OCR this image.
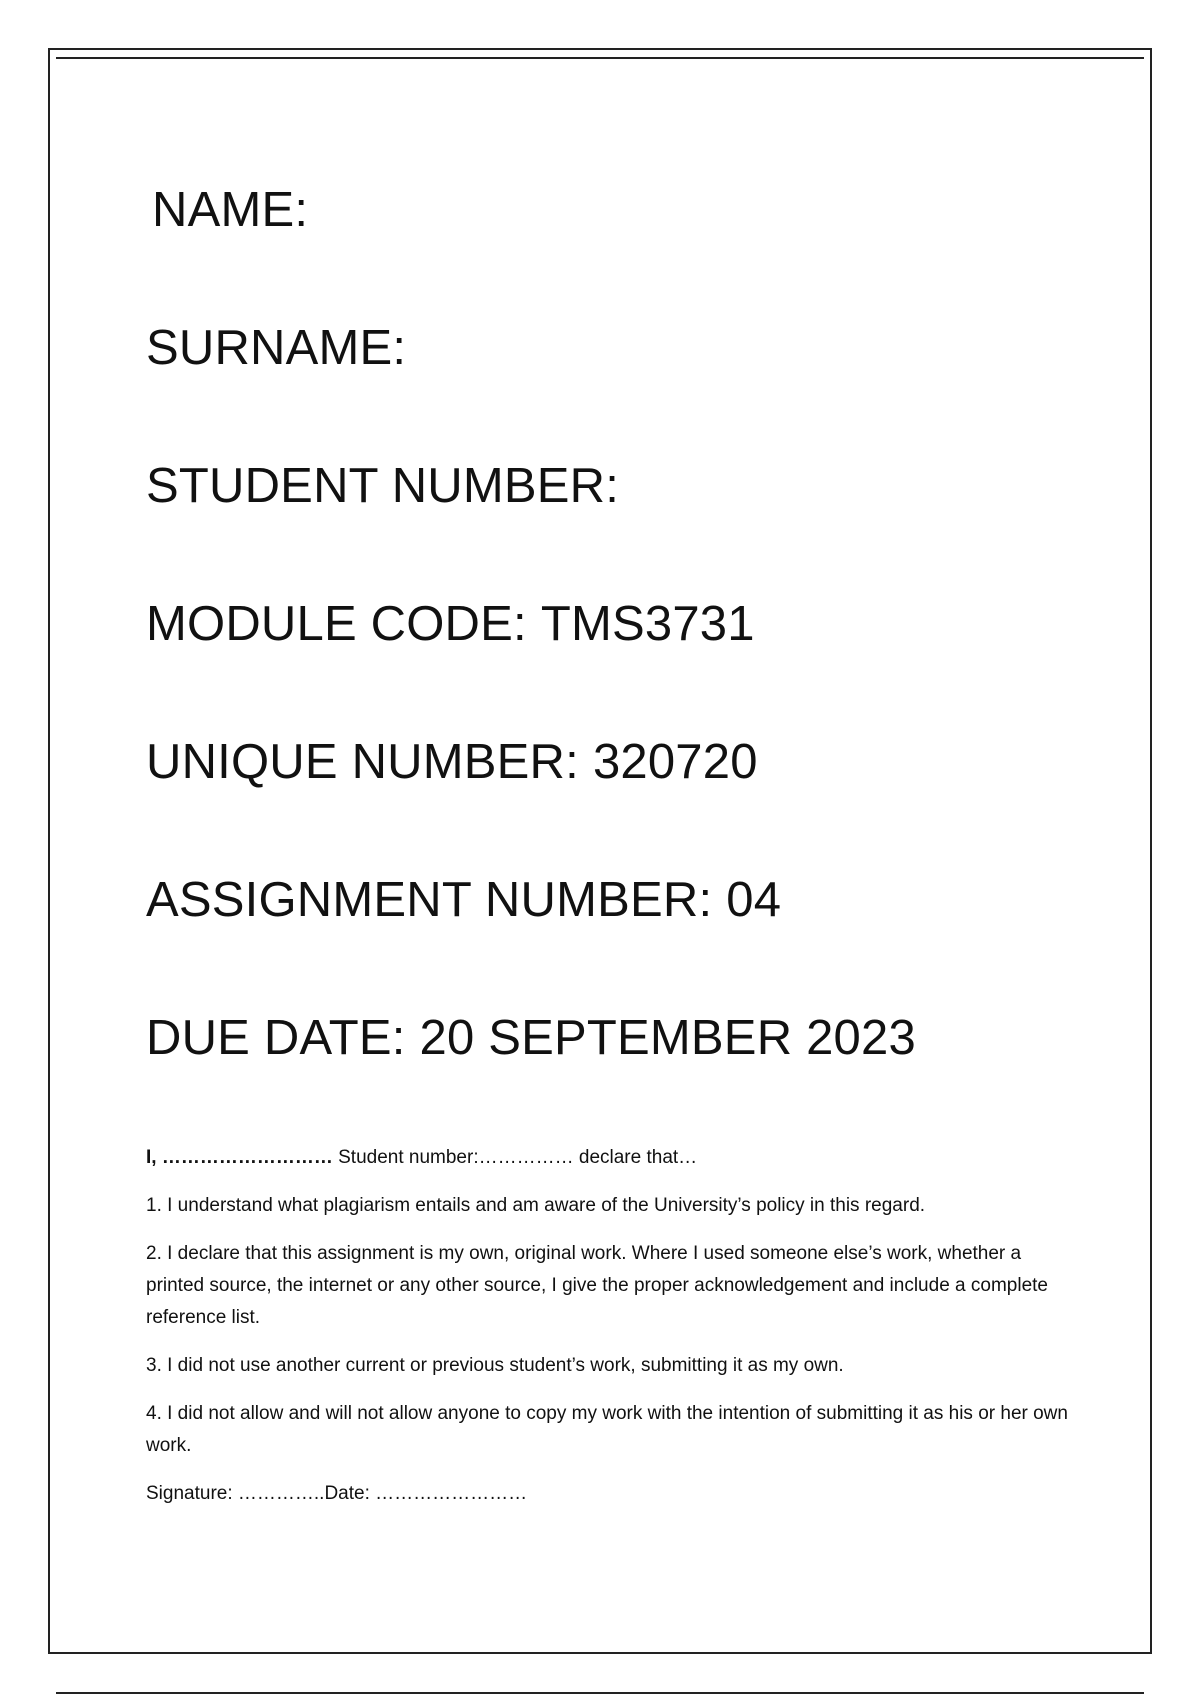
NAME:
SURNAME:
STUDENT NUMBER:
MODULE CODE: TMS3731
UNIQUE NUMBER: 320720
ASSIGNMENT NUMBER: 04
DUE DATE: 20 SEPTEMBER 2023

I, ……………………… Student number:…………… declare that…

1. I understand what plagiarism entails and am aware of the University’s policy in this regard.

2. I declare that this assignment is my own, original work. Where I used someone else’s work, whether a printed source, the internet or any other source, I give the proper acknowledgement and include a complete reference list.

3. I did not use another current or previous student’s work, submitting it as my own.

4. I did not allow and will not allow anyone to copy my work with the intention of submitting it as his or her own work.

Signature: …………..Date: ……………………
